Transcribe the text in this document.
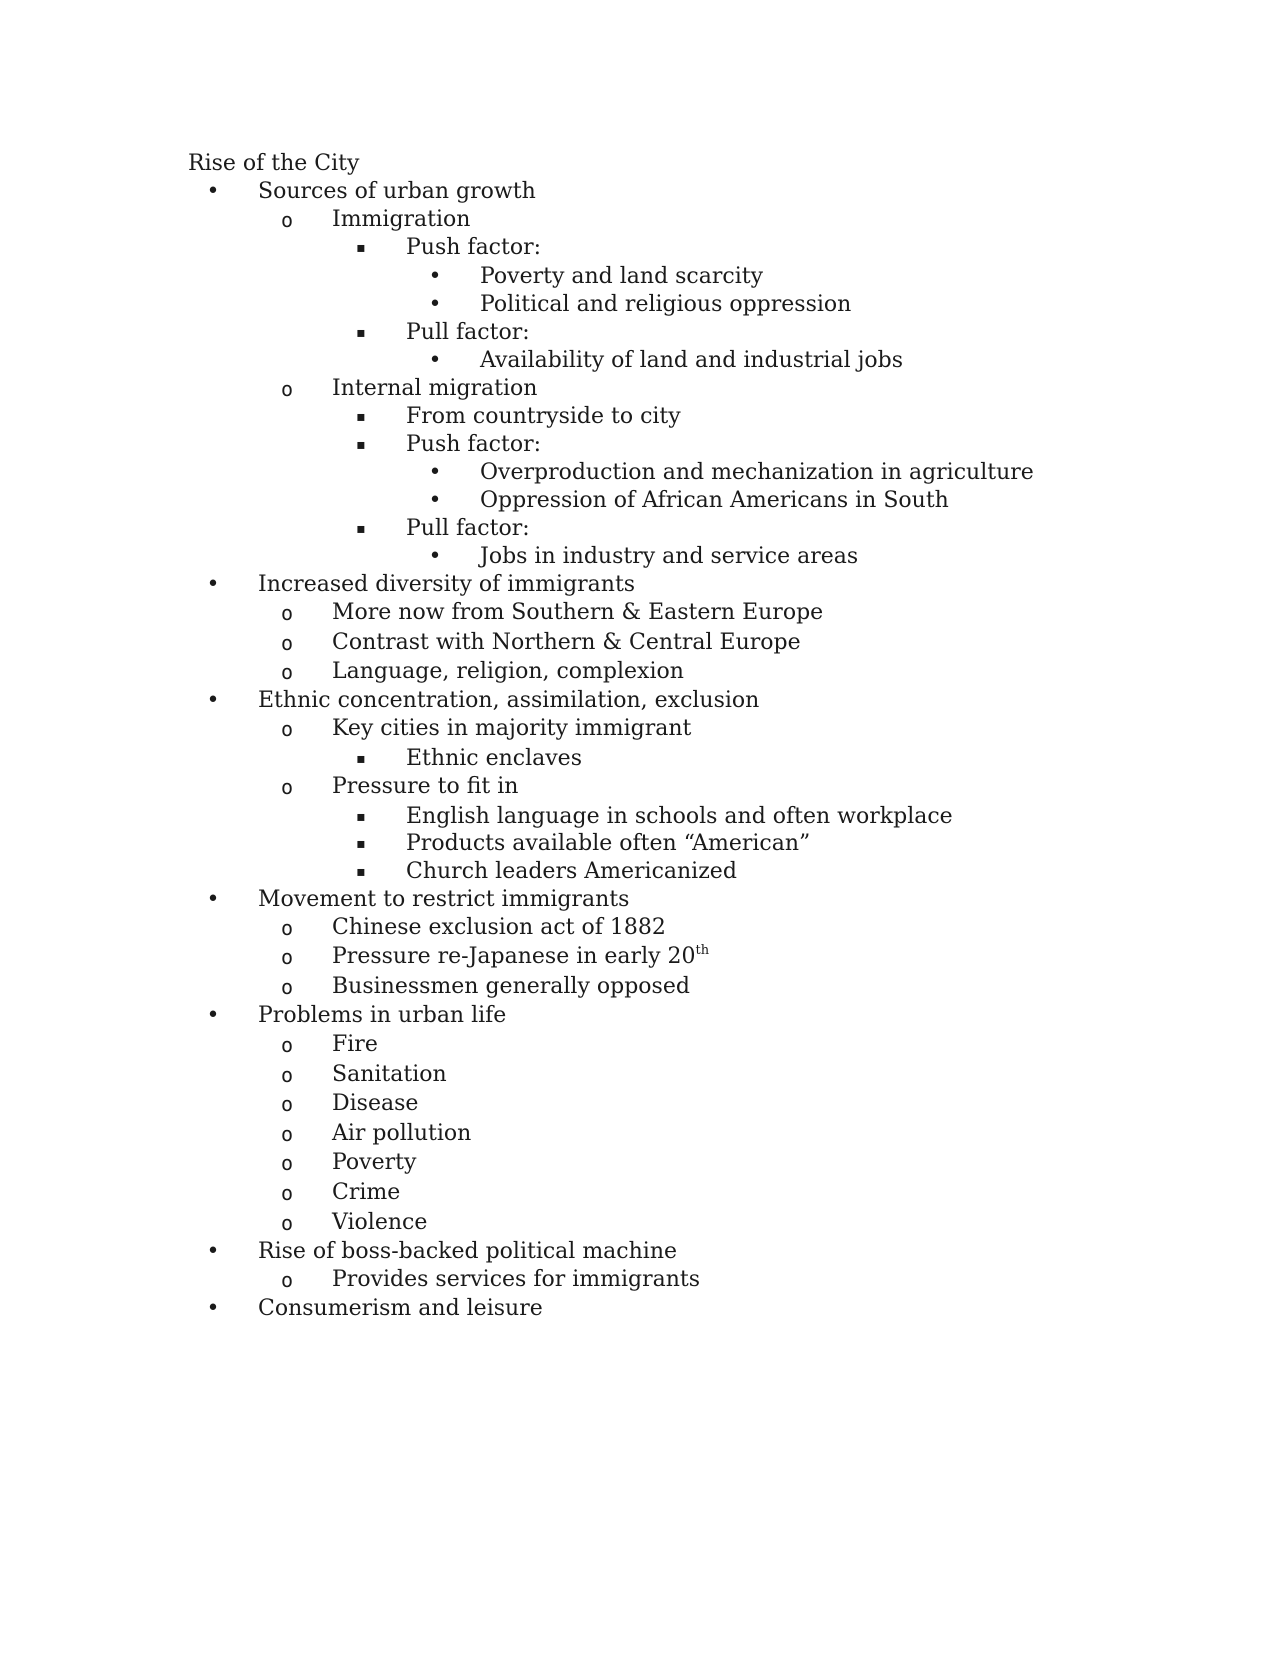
Rise of the City
•	Sources of urban growth
o	Immigration
▪	Push factor:
•	Poverty and land scarcity
•	Political and religious oppression
▪	Pull factor:
•	Availability of land and industrial jobs
o	Internal migration
▪	From countryside to city
▪	Push factor:
•	Overproduction and mechanization in agriculture
•	Oppression of African Americans in South
▪	Pull factor:
•	Jobs in industry and service areas
•	Increased diversity of immigrants
o	More now from Southern & Eastern Europe
o	Contrast with Northern & Central Europe
o	Language, religion, complexion
•	Ethnic concentration, assimilation, exclusion
o	Key cities in majority immigrant
▪	Ethnic enclaves
o	Pressure to fit in
▪	English language in schools and often workplace
▪	Products available often “American”
▪	Church leaders Americanized
•	Movement to restrict immigrants
o	Chinese exclusion act of 1882
o	Pressure re-Japanese in early 20th
o	Businessmen generally opposed
•	Problems in urban life
o	Fire
o	Sanitation
o	Disease
o	Air pollution
o	Poverty
o	Crime
o	Violence
•	Rise of boss-backed political machine
o	Provides services for immigrants
•	Consumerism and leisure
